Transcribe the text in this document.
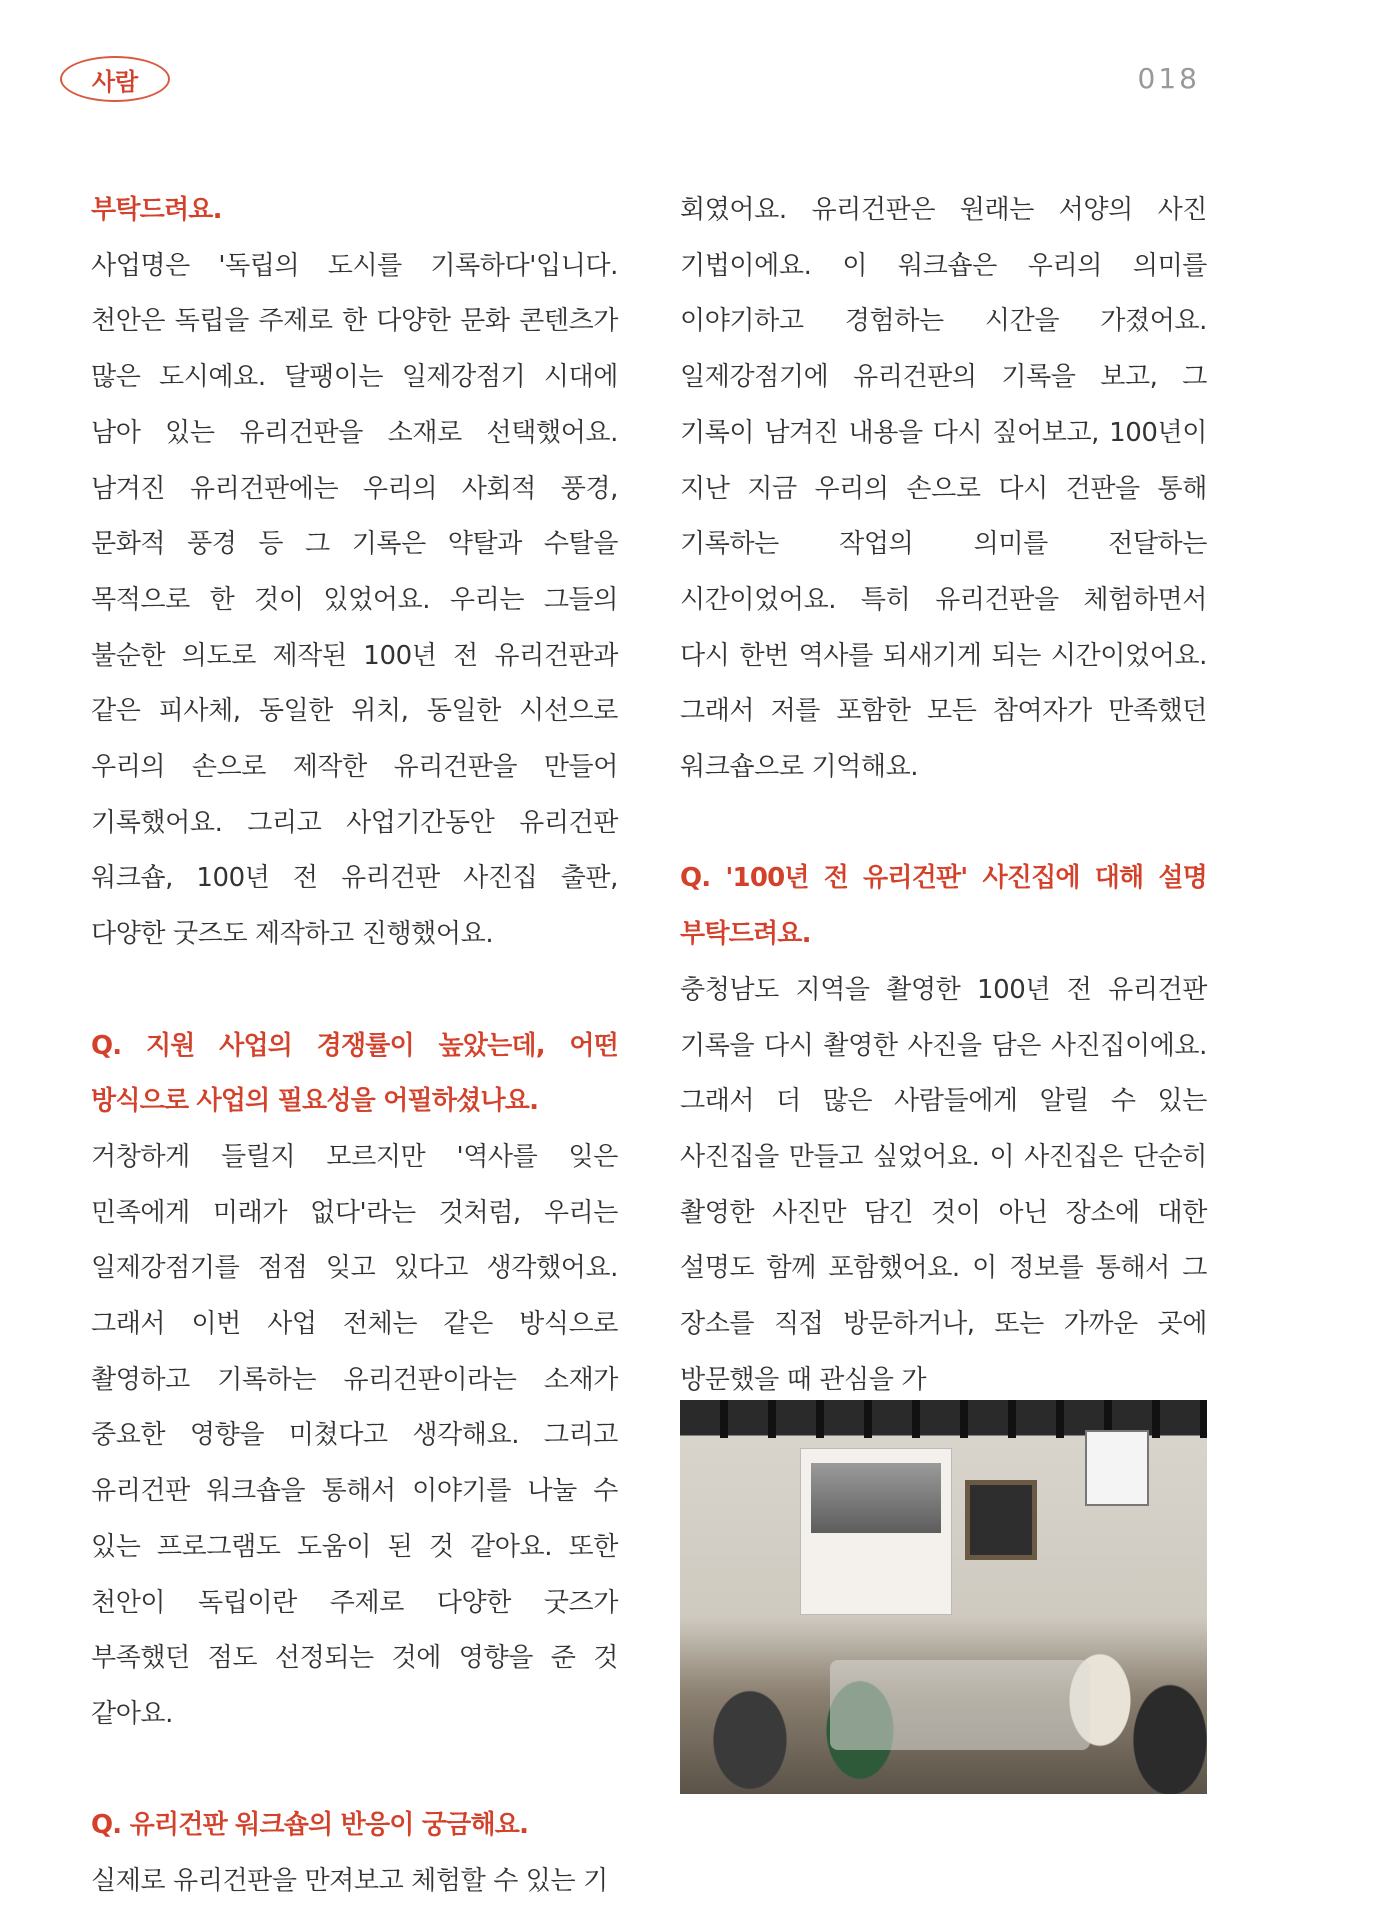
사람	018

부탁드려요.

사업명은 '독립의 도시를 기록하다'입니다. 천안은 독립을 주제로 한 다양한 문화 콘텐츠가 많은 도시예요. 달팽이는 일제강점기 시대에 남아 있는 유리건판을 소재로 선택했어요. 남겨진 유리건판에는 우리의 사회적 풍경, 문화적 풍경 등 그 기록은 약탈과 수탈을 목적으로 한 것이 있었어요. 우리는 그들의 불순한 의도로 제작된 100년 전 유리건판과 같은 피사체, 동일한 위치, 동일한 시선으로 우리의 손으로 제작한 유리건판을 만들어 기록했어요. 그리고 사업기간동안 유리건판 워크숍, 100년 전 유리건판 사진집 출판, 다양한 굿즈도 제작하고 진행했어요.

Q. 지원 사업의 경쟁률이 높았는데, 어떤 방식으로 사업의 필요성을 어필하셨나요.

거창하게 들릴지 모르지만 '역사를 잊은 민족에게 미래가 없다'라는 것처럼, 우리는 일제강점기를 점점 잊고 있다고 생각했어요. 그래서 이번 사업 전체는 같은 방식으로 촬영하고 기록하는 유리건판이라는 소재가 중요한 영향을 미쳤다고 생각해요. 그리고 유리건판 워크숍을 통해서 이야기를 나눌 수 있는 프로그램도 도움이 된 것 같아요. 또한 천안이 독립이란 주제로 다양한 굿즈가 부족했던 점도 선정되는 것에 영향을 준 것 같아요.

Q. 유리건판 워크숍의 반응이 궁금해요.

실제로 유리건판을 만져보고 체험할 수 있는 기

회였어요. 유리건판은 원래는 서양의 사진 기법이에요. 이 워크숍은 우리의 의미를 이야기하고 경험하는 시간을 가졌어요. 일제강점기에 유리건판의 기록을 보고, 그 기록이 남겨진 내용을 다시 짚어보고, 100년이 지난 지금 우리의 손으로 다시 건판을 통해 기록하는 작업의 의미를 전달하는 시간이었어요. 특히 유리건판을 체험하면서 다시 한번 역사를 되새기게 되는 시간이었어요. 그래서 저를 포함한 모든 참여자가 만족했던 워크숍으로 기억해요.

Q. '100년 전 유리건판' 사진집에 대해 설명 부탁드려요.

충청남도 지역을 촬영한 100년 전 유리건판 기록을 다시 촬영한 사진을 담은 사진집이에요. 그래서 더 많은 사람들에게 알릴 수 있는 사진집을 만들고 싶었어요. 이 사진집은 단순히 촬영한 사진만 담긴 것이 아닌 장소에 대한 설명도 함께 포함했어요. 이 정보를 통해서 그 장소를 직접 방문하거나, 또는 가까운 곳에 방문했을 때 관심을 가
